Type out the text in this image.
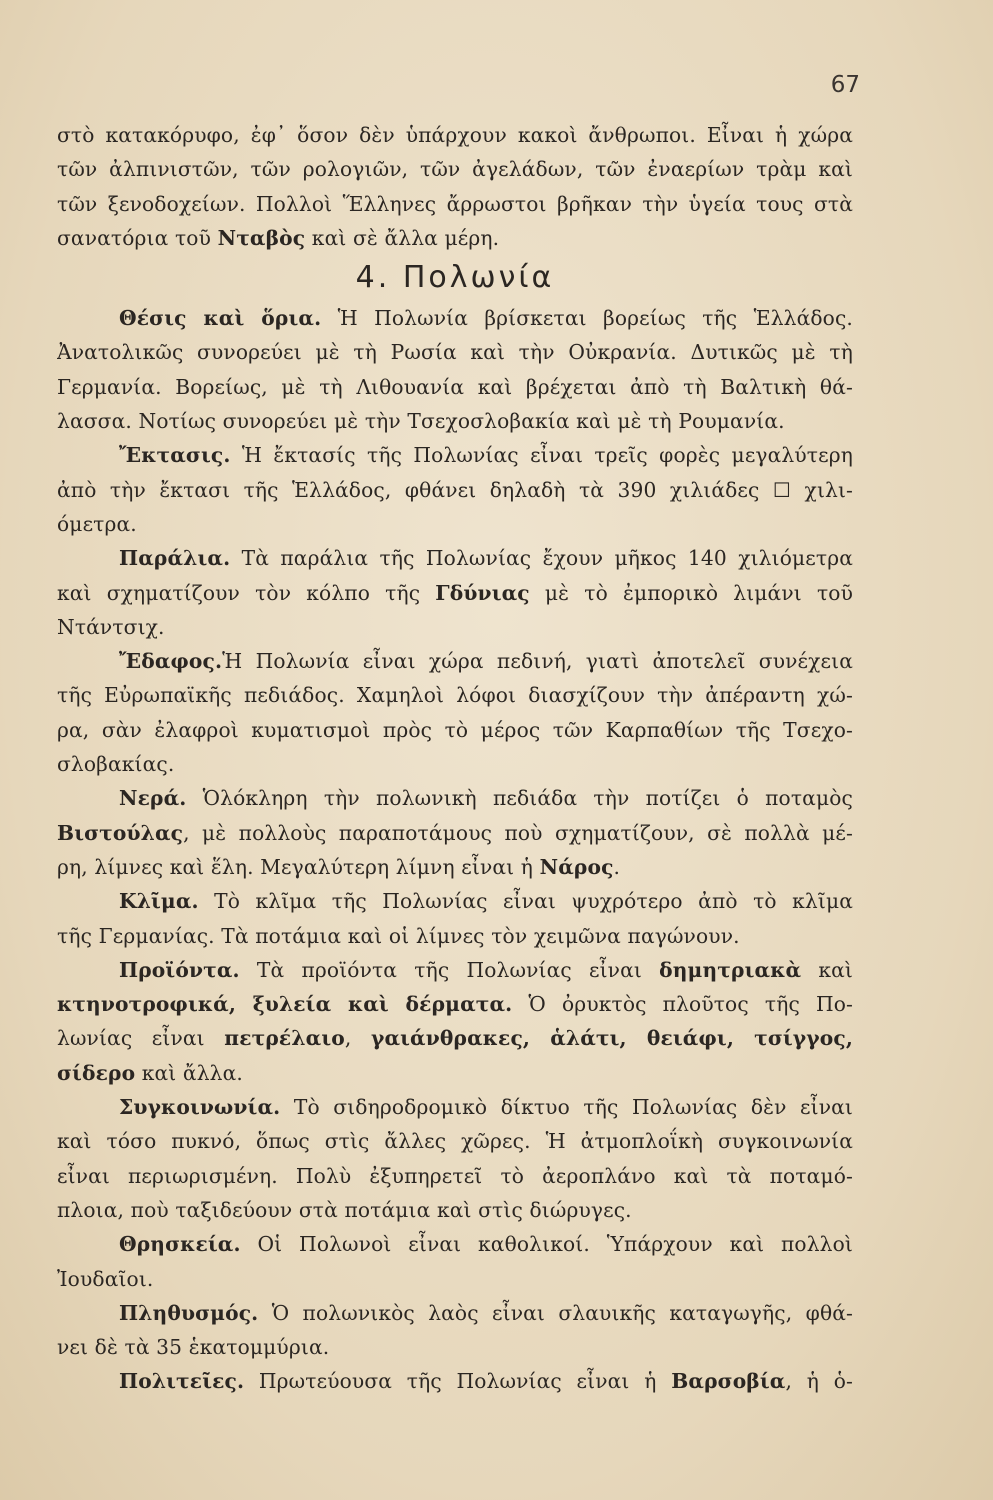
67
στὸ κατακόρυφο, ἐφ᾽ ὅσον δὲν ὑπάρχουν κακοὶ ἄνθρωποι. Εἶναι ἡ χώρα
τῶν ἀλπινιστῶν, τῶν ρολογιῶν, τῶν ἀγελάδων, τῶν ἐναερίων τρὰμ καὶ
τῶν ξενοδοχείων. Πολλοὶ Ἕλληνες ἄρρωστοι βρῆκαν τὴν ὑγεία τους στὰ
σανατόρια τοῦ Νταβὸς καὶ σὲ ἄλλα μέρη.
4. Πολωνία
Θέσις καὶ ὅρια. Ἡ Πολωνία βρίσκεται βορείως τῆς Ἑλλάδος.
Ἀνατολικῶς συνορεύει μὲ τὴ Ρωσία καὶ τὴν Οὐκρανία. Δυτικῶς μὲ τὴ
Γερμανία. Βορείως, μὲ τὴ Λιθουανία καὶ βρέχεται ἀπὸ τὴ Βαλτικὴ θά-
λασσα. Νοτίως συνορεύει μὲ τὴν Τσεχοσλοβακία καὶ μὲ τὴ Ρουμανία.
Ἔκτασις. Ἡ ἔκτασίς τῆς Πολωνίας εἶναι τρεῖς φορὲς μεγαλύτερη
ἀπὸ τὴν ἔκτασι τῆς Ἑλλάδος, φθάνει δηλαδὴ τὰ 390 χιλιάδες ☐ χιλι-
όμετρα.
Παράλια. Τὰ παράλια τῆς Πολωνίας ἔχουν μῆκος 140 χιλιόμετρα
καὶ σχηματίζουν τὸν κόλπο τῆς Γδύνιας μὲ τὸ ἐμπορικὸ λιμάνι τοῦ
Ντάντσιχ.
Ἔδαφος.Ἡ Πολωνία εἶναι χώρα πεδινή, γιατὶ ἀποτελεῖ συνέχεια
τῆς Εὐρωπαϊκῆς πεδιάδος. Χαμηλοὶ λόφοι διασχίζουν τὴν ἀπέραντη χώ-
ρα, σὰν ἐλαφροὶ κυματισμοὶ πρὸς τὸ μέρος τῶν Καρπαθίων τῆς Τσεχο-
σλοβακίας.
Νερά. Ὁλόκληρη τὴν πολωνικὴ πεδιάδα τὴν ποτίζει ὁ ποταμὸς
Βιστούλας, μὲ πολλοὺς παραποτάμους ποὺ σχηματίζουν, σὲ πολλὰ μέ-
ρη, λίμνες καὶ ἕλη. Μεγαλύτερη λίμνη εἶναι ἡ Νάρος.
Κλῖμα. Τὸ κλῖμα τῆς Πολωνίας εἶναι ψυχρότερο ἀπὸ τὸ κλῖμα
τῆς Γερμανίας. Τὰ ποτάμια καὶ οἱ λίμνες τὸν χειμῶνα παγώνουν.
Προϊόντα. Τὰ προϊόντα τῆς Πολωνίας εἶναι δημητριακὰ καὶ
κτηνοτροφικά, ξυλεία καὶ δέρματα. Ὁ ὀρυκτὸς πλοῦτος τῆς Πο-
λωνίας εἶναι πετρέλαιο, γαιάνθρακες, ἁλάτι, θειάφι, τσίγγος,
σίδερο καὶ ἄλλα.
Συγκοινωνία. Τὸ σιδηροδρομικὸ δίκτυο τῆς Πολωνίας δὲν εἶναι
καὶ τόσο πυκνό, ὅπως στὶς ἄλλες χῶρες. Ἡ ἀτμοπλοΐκὴ συγκοινωνία
εἶναι περιωρισμένη. Πολὺ ἐξυπηρετεῖ τὸ ἀεροπλάνο καὶ τὰ ποταμό-
πλοια, ποὺ ταξιδεύουν στὰ ποτάμια καὶ στὶς διώρυγες.
Θρησκεία. Οἱ Πολωνοὶ εἶναι καθολικοί. Ὑπάρχουν καὶ πολλοὶ
Ἰουδαῖοι.
Πληθυσμός. Ὁ πολωνικὸς λαὸς εἶναι σλαυικῆς καταγωγῆς, φθά-
νει δὲ τὰ 35 ἑκατομμύρια.
Πολιτεῖες. Πρωτεύουσα τῆς Πολωνίας εἶναι ἡ Βαρσοβία, ἡ ὁ-
